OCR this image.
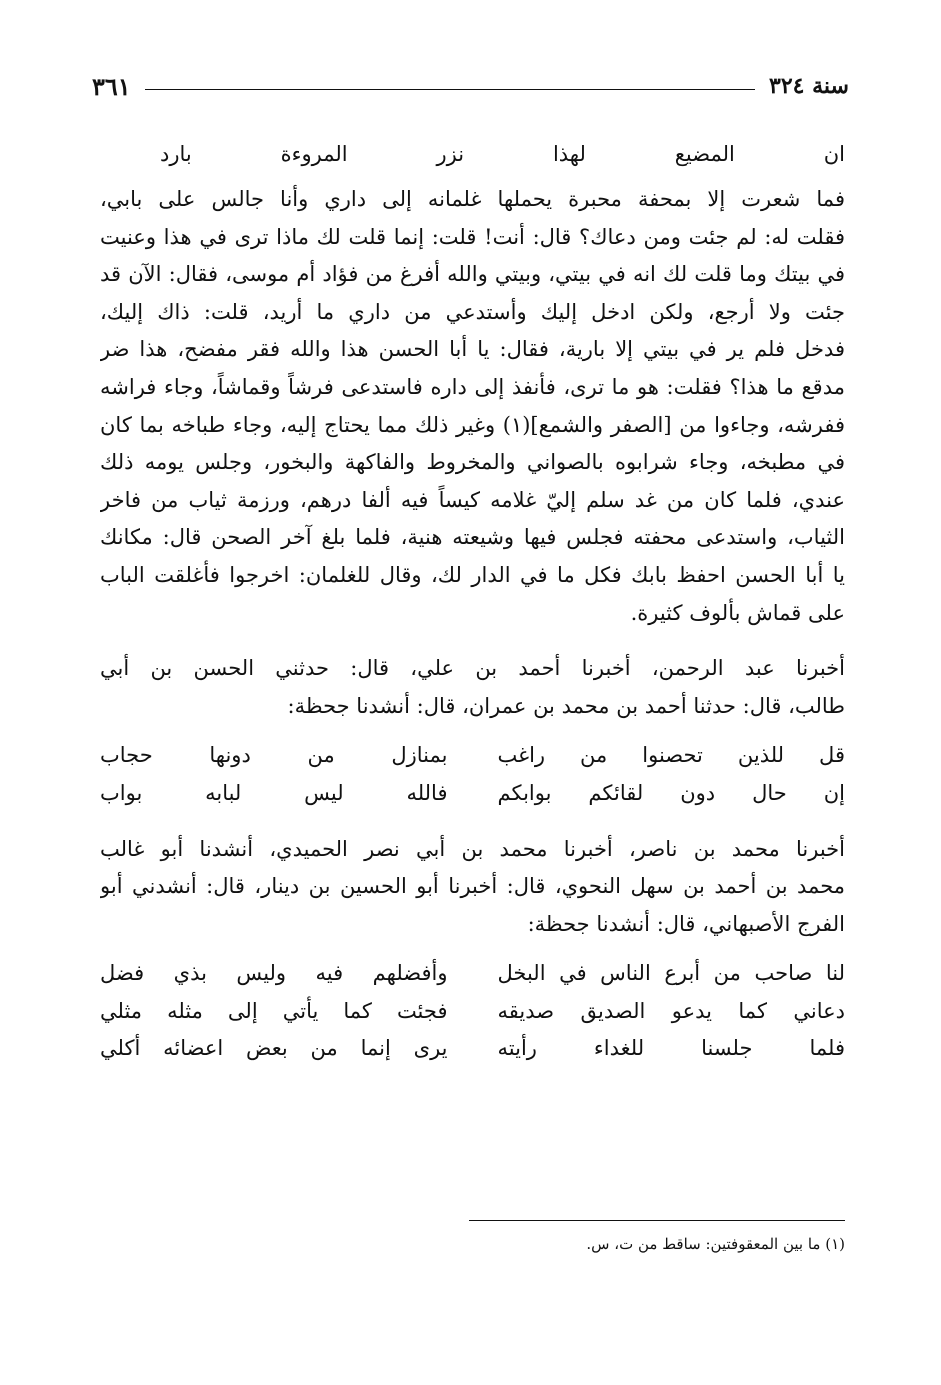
سنة ٣٢٤
٣٦١
ان
المضيع
لهذا
نزر
المروءة
بارد
فما شعرت إلا بمحفة محبرة يحملها غلمانه إلى داري وأنا جالس على بابي،
فقلت له: لم جئت ومن دعاك؟ قال: أنت! قلت: إنما قلت لك ماذا ترى في هذا وعنيت
في بيتك وما قلت لك انه في بيتي، وبيتي والله أفرغ من فؤاد أم موسى، فقال: الآن قد
جئت ولا أرجع، ولكن ادخل إليك وأستدعي من داري ما أريد، قلت: ذاك إليك،
فدخل فلم ير في بيتي إلا بارية، فقال: يا أبا الحسن هذا والله فقر مفضح، هذا ضر
مدقع ما هذا؟ فقلت: هو ما ترى، فأنفذ إلى داره فاستدعى فرشاً وقماشاً، وجاء فراشه
ففرشه، وجاءوا من [الصفر والشمع](١) وغير ذلك مما يحتاج إليه، وجاء طباخه بما كان
في مطبخه، وجاء شرابوه بالصواني والمخروط والفاكهة والبخور، وجلس يومه ذلك
عندي، فلما كان من غد سلم إليّ غلامه كيساً فيه ألفا درهم، ورزمة ثياب من فاخر
الثياب، واستدعى محفته فجلس فيها وشيعته هنية، فلما بلغ آخر الصحن قال: مكانك
يا أبا الحسن احفظ بابك فكل ما في الدار لك، وقال للغلمان: اخرجوا فأغلقت الباب
على قماش بألوف كثيرة.
أخبرنا عبد الرحمن، أخبرنا أحمد بن علي، قال: حدثني الحسن بن أبي
طالب، قال: حدثنا أحمد بن محمد بن عمران، قال: أنشدنا جحظة:
قل للذين تحصنوا من راغب
بمنازل من دونها حجاب
إن حال دون لقائكم بوابكم
فالله ليس لبابه بواب
أخبرنا محمد بن ناصر، أخبرنا محمد بن أبي نصر الحميدي، أنشدنا أبو غالب
محمد بن أحمد بن سهل النحوي، قال: أخبرنا أبو الحسين بن دينار، قال: أنشدني أبو
الفرج الأصبهاني، قال: أنشدنا جحظة:
لنا صاحب من أبرع الناس في البخل
وأفضلهم فيه وليس بذي فضل
دعاني كما يدعو الصديق صديقه
فجئت كما يأتي إلى مثله مثلي
فلما جلسنا للغداء رأيته
يرى إنما من بعض اعضائه أكلي
(١) ما بين المعقوفتين: ساقط من ت، س.
